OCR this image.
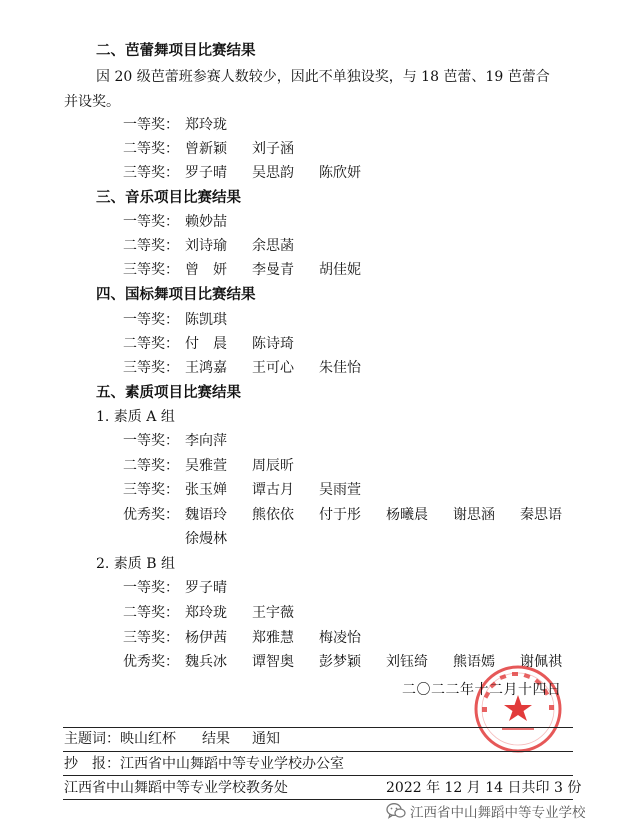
二、芭蕾舞项目比赛结果
因 20 级芭蕾班参赛人数较少，因此不单独设奖，与 18 芭蕾、19 芭蕾合
并设奖。
一等奖： 郑玲珑
二等奖： 曾新颖 刘子涵
三等奖： 罗子晴 吴思韵 陈欣妍
三、音乐项目比赛结果
一等奖： 赖妙喆
二等奖： 刘诗瑜 余思菡
三等奖： 曾　妍 李曼青 胡佳妮
四、国标舞项目比赛结果
一等奖： 陈凯琪
二等奖： 付　晨 陈诗琦
三等奖： 王鸿嘉 王可心 朱佳怡
五、素质项目比赛结果
1. 素质 A 组
一等奖： 李向萍
二等奖： 吴雅萱 周辰昕
三等奖： 张玉婵 谭古月 吴雨萱
优秀奖： 魏语玲 熊依依 付于彤 杨曦晨 谢思涵 秦思语
徐熳林
2. 素质 B 组
一等奖： 罗子晴
二等奖： 郑玲珑 王宇薇
三等奖： 杨伊茜 郑雅慧 梅凌怡
优秀奖： 魏兵冰 谭智奥 彭梦颖 刘钰绮 熊语嫣 谢佩祺
二〇二二年十二月十四日
主题词：映山红杯 结果 通知
抄　报：江西省中山舞蹈中等专业学校办公室
江西省中山舞蹈中等专业学校教务处	2022 年 12 月 14 日共印 3 份
江西省中山舞蹈中等专业学校
